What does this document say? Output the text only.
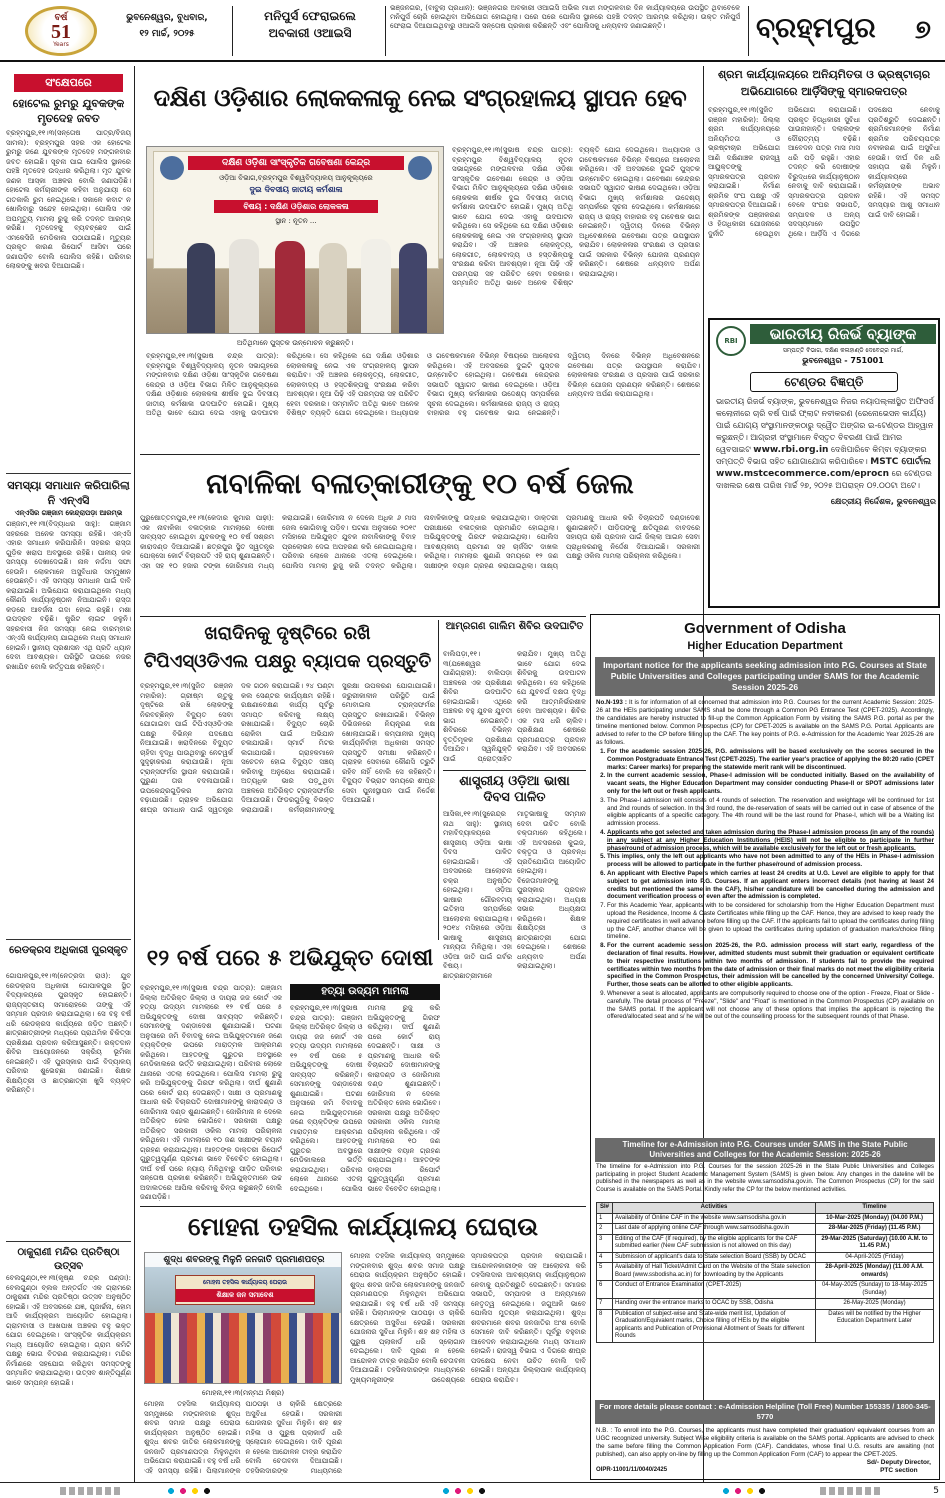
ବର୍ଷ
51
Years
ଭୁବନେଶ୍ୱର, ବୁଧବାର,
୧୨ ମାର୍ଚ୍ଚ, ୨୦୨୫
ମନିପୁର୍ସ ଫେରାଇଲେ
ଅବକାରୀ ଓଆଇସି
ଭଞ୍ଜନଗର, (ବାବୁଲା ପ୍ରଧାନ): ଭଞ୍ଜନଗର ଅବକାରୀ ଓଆଇସି ଅଭିଲ ମାଝୀ ମଙ୍ଗଳବାର ଦିନ କାର୍ଯ୍ୟାଳୟରେ ଉପସ୍ଥିତ ଥିବାବେଳେ ମନିପୁର୍ସ ଚୋରି ହୋଇଥିବା ଅଭିଯୋଗ ହୋଇଥିଲା। ପରେ ପରେ ପୋଲିସ ସ୍ଥାନରେ ପହଞ୍ଚି ତଦନ୍ତ ଆରମ୍ଭ କରିଥିଲା। ଉକ୍ତ ମନିପୁର୍ସ ଫେରାଇ ଦିଆଯାଇଥିବାରୁ ଓଆଇସି ସନ୍ତୋଷ ପ୍ରକାଶ କରିଛନ୍ତି ଏବଂ ପୋଲିସକୁ ଧନ୍ୟବାଦ ଜଣାଇଛନ୍ତି।	ବ୍ରହ୍ମପୁର	୭
ସଂକ୍ଷେପରେ
ହୋଟେଲ ରୁମରୁ ଯୁବକଙ୍କ ମୃତଦେହ ଜବତ
ବ୍ରହ୍ମପୁର,୧୧।୩(ସନ୍ତୋଷ ପାତ୍ର/ବିଜୟ ସାମଲ): ବ୍ରହ୍ମପୁର ସହର ଏକ ହୋଟେଲ ରୁମରୁ ଜଣେ ଯୁବକଙ୍କ ମୃତଦେହ ମଙ୍ଗଳବାର ଜବତ ହୋଇଛି। ସୂଚନା ପାଇ ପୋଲିସ ସ୍ଥାନରେ ପହଞ୍ଚି ମୃତଦେହ ଉଦ୍ଧାର କରିଥିଲା। ମୃତ ଯୁବକ ଜଣକ ଆସ୍କା ଅଞ୍ଚଳର ବୋଲି ଜଣାପଡ଼ିଛି। ହୋଟେଲ କର୍ମଚାରୀଙ୍କ କହିବା ଅନୁଯାୟୀ ସେ ଗତକାଲି ରୁମ ନେଇଥିଲେ। ସକାଳେ କବାଟ ନ ଖୋଲିବାରୁ ସନ୍ଦେହ ହୋଇଥିଲା। ପୋଲିସ ଏକ ଅପମୃତ୍ୟୁ ମାମଲା ରୁଜୁ କରି ତଦନ୍ତ ଆରମ୍ଭ କରିଛି। ମୃତଦେହକୁ ବ୍ୟବଚ୍ଛେଦ ପାଇଁ ଏମକେସିଜି ମେଡିକାଲ ପଠାଯାଇଛି। ମୃତ୍ୟୁର ପ୍ରକୃତ କାରଣ ରିପୋର୍ଟ ଆସିବା ପରେ ଜଣାପଡ଼ିବ ବୋଲି ପୋଲିସ କହିଛି। ପରିବାର ଲୋକଙ୍କୁ ଖବର ଦିଆଯାଇଛି।
ସମସ୍ୟା ସମାଧାନ କରିପାରିଲା ନି ଏନ୍ଏସି
ଏନ୍ଏସିର ଗଞ୍ଜାମ କେନ୍ଦ୍ରାପଡ଼ା ଆରମ୍ଭ
ଗଞ୍ଜାମ,୧୧।୩(ବିଦ୍ୟାଧର ସାହୁ): ଗଞ୍ଜାମ ସହରରେ ଅନେକ ସମସ୍ୟା ରହିଛି। ଏନ୍ଏସି ଏହାର ସମାଧାନ କରିପାରିନି। ସହରର ରାସ୍ତା ଗୁଡ଼ିକ ଖରାପ ଅବସ୍ଥାରେ ରହିଛି। ପାନୀୟ ଜଳ ସମସ୍ୟା ଦେଖାଦେଇଛି। ନାଳ ନର୍ଦ୍ଦମା ସଫା ହେଉନି। ଲୋକମାନେ ଅସୁବିଧାର ସମ୍ମୁଖୀନ ହେଉଛନ୍ତି। ଏହି ସମସ୍ୟା ସମାଧାନ ପାଇଁ ଦାବି କରାଯାଇଛି। ଅଭିଯୋଗ କରାଯାଇଥିଲେ ମଧ୍ୟ କୌଣସି କାର୍ଯ୍ୟାନୁଷ୍ଠାନ ନିଆଯାଇନି। ରାସ୍ତା କଡ଼ରେ ଆବର୍ଜନା ଗଦା ହୋଇ ରହୁଛି। ମଶା ଉପଦ୍ରବ ବଢ଼ିଛି। ଷ୍ଟ୍ରିଟ ଲାଇଟ ଜଳୁନି। ସହରବାସୀ ନିଜ ସମସ୍ୟା ନେଇ ବାରମ୍ବାର ଏନ୍ଏସି କାର୍ଯ୍ୟାଳୟ ଯାଇଥିଲେ ମଧ୍ୟ ସମାଧାନ ହୋଇନି। ସ୍ଥାନୀୟ ପ୍ରଶାସନ ଏଥି ପ୍ରତି ଧ୍ୟାନ ଦେବା ଆବଶ୍ୟକ। ପରିସ୍ଥିତି ଉପରେ ନଜର ରଖାଯିବ ବୋଲି କର୍ତ୍ତୃପକ୍ଷ କହିଛନ୍ତି।
ରେଡକ୍ରସ ଅଧିକାରୀ ପୁରସ୍କୃତ
ଗୋପାଳପୁର,୧୧।୩(ନେତ୍ରଦା ରାଓ): ଯୁବ ରେଡକ୍ରସ ଅଧିକାରୀ ଗୋପାଳପୁର ସ୍ଥିତ ବିଦ୍ୟାଳୟରେ ପୁରସ୍କୃତ ହୋଇଛନ୍ତି। ରାଜ୍ୟସ୍ତରୀୟ ସମାରୋହରେ ତାଙ୍କୁ ଏହି ସମ୍ମାନ ପ୍ରଦାନ କରାଯାଇଥିଲା। ସେ ବହୁ ବର୍ଷ ଧରି ରେଡକ୍ରସ କାର୍ଯ୍ୟରେ ଜଡ଼ିତ ଅଛନ୍ତି। ଛାତ୍ରଛାତ୍ରୀଙ୍କ ମଧ୍ୟରେ ପ୍ରାଥମିକ ଚିକିତ୍ସା ପ୍ରଶିକ୍ଷଣ ପ୍ରଦାନ କରିଆସୁଛନ୍ତି। ରକ୍ତଦାନ ଶିବିର ଆୟୋଜନରେ ସକ୍ରିୟ ଭୂମିକା ନେଇଛନ୍ତି। ଏହି ପୁରସ୍କାର ପାଇଁ ବିଦ୍ୟାଳୟ ପରିବାର ଶୁଭେଚ୍ଛା ଜଣାଇଛି। ଶିକ୍ଷକ ଶିକ୍ଷୟିତ୍ରୀ ଓ ଛାତ୍ରଛାତ୍ରୀ ଖୁସି ବ୍ୟକ୍ତ କରିଛନ୍ତି।
ଠାକୁରାଣୀ ମନ୍ଦିର ପ୍ରତିଷ୍ଠା ଉତ୍ସବ
ବେଲଗୁଣ୍ଠା,୧୧।୩(କୃଷ୍ଣ ଚନ୍ଦ୍ର ପଣ୍ଡା): ବେଲଗୁଣ୍ଠା ବ୍ଲକ ଅନ୍ତର୍ଗତ ଏକ ଗ୍ରାମରେ ଠାକୁରାଣୀ ମନ୍ଦିର ପ୍ରତିଷ୍ଠା ଉତ୍ସବ ଅନୁଷ୍ଠିତ ହୋଇଛି। ଏହି ଅବସରରେ ଯଜ୍ଞ, ପୂଜାର୍ଚ୍ଚନା, ହୋମ ଆଦି କାର୍ଯ୍ୟକ୍ରମ ଆୟୋଜିତ ହୋଇଥିଲା। ଗ୍ରାମବାସୀ ଓ ଆଖପାଖ ଅଞ୍ଚଳର ବହୁ ଭକ୍ତ ଯୋଗ ଦେଇଥିଲେ। ସାଂସ୍କୃତିକ କାର୍ଯ୍ୟକ୍ରମ ମଧ୍ୟ ଆୟୋଜିତ ହୋଇଥିଲା। ଗ୍ରାମ କମିଟି ପକ୍ଷରୁ ଭୋଗ ବିତରଣ କରାଯାଇଥିଲା। ମନ୍ଦିର ନିର୍ମାଣରେ ସହଯୋଗ କରିଥିବା ସମସ୍ତଙ୍କୁ ସମ୍ମାନିତ କରାଯାଇଥିଲା। ଉତ୍ସବ ଶାନ୍ତିପୂର୍ଣ୍ଣ ଭାବେ ସମ୍ପନ୍ନ ହୋଇଛି।
ଦକ୍ଷିଣ ଓଡ଼ିଶାର ଲୋକକଳାକୁ ନେଇ ସଂଗ୍ରହାଳୟ ସ୍ଥାପନ ହେବ
ଦକ୍ଷିଣ ଓଡ଼ିଶା ସାଂସ୍କୃତିକ ଗବେଷଣା କେନ୍ଦ୍ର
ଓଡ଼ିଆ ବିଭାଗ,ବ୍ରହ୍ମପୁର ବିଶ୍ୱବିଦ୍ୟାଳୟ ଆନୁକୂଲ୍ୟରେ
ଦୁଇ ଦିବସୀୟ ଜାତୀୟ କର୍ମଶାଳା
ବିଷୟ : ଦକ୍ଷିଣ ଓଡ଼ିଶାର ଲୋକକଳା
ସ୍ଥାନ : ନୂତନ ...
ଅତିଥିମାନେ ପୁସ୍ତକ ଉନ୍ମୋଚନ କରୁଛନ୍ତି।
ବ୍ରହ୍ମପୁର,୧୧।୩(ସୁଭାଷ ଚନ୍ଦ୍ର ପାତ୍ର): ବ୍ରହ୍ମପୁର ବିଶ୍ୱବିଦ୍ୟାଳୟ ନୂତନ ସଭାଗୃହରେ ମଙ୍ଗଳବାର ଦକ୍ଷିଣ ଓଡ଼ିଶା ସାଂସ୍କୃତିକ ଗବେଷଣା କେନ୍ଦ୍ର ଓ ଓଡ଼ିଆ ବିଭାଗ ମିଳିତ ଆନୁକୂଲ୍ୟରେ ଦକ୍ଷିଣ ଓଡ଼ିଶାର ଲୋକକଳା ଶୀର୍ଷକ ଦୁଇ ଦିବସୀୟ ଜାତୀୟ କର୍ମଶାଳା ଉଦଘାଟିତ ହୋଇଛି। ମୁଖ୍ୟ ଅତିଥି ଭାବେ ଯୋଗ ଦେଇ ଏହାକୁ ଉଦଘାଟନ କରିଥିଲେ। ସେ କହିଥିଲେ ଯେ ଦକ୍ଷିଣ ଓଡ଼ିଶାର ଲୋକକଳାକୁ ନେଇ ଏକ ସଂଗ୍ରହାଳୟ ସ୍ଥାପନ କରାଯିବ। ଏହି ଅଞ୍ଚଳର ଲୋକନୃତ୍ୟ, ଲୋକଗୀତ, ଲୋକବାଦ୍ୟ ଓ ହସ୍ତଶିଳ୍ପକୁ ସଂରକ୍ଷଣ କରିବା ଆବଶ୍ୟକ। ନୂଆ ପିଢ଼ି ଏହି ପରମ୍ପରା ସହ ପରିଚିତ ହେବା ଦରକାର। ସମ୍ମାନିତ ଅତିଥି ଭାବେ ଅନେକ ବିଶିଷ୍ଟ ବ୍ୟକ୍ତି ଯୋଗ ଦେଇଥିଲେ। ଅଧ୍ୟାପକ ଓ ଗବେଷକମାନେ ବିଭିନ୍ନ ବିଷୟରେ ଆଲୋଚନା କରିଥିଲେ। ଏହି ଅବସରରେ ଦୁଇଟି ପୁସ୍ତକ ଉନ୍ମୋଚିତ ହୋଇଥିଲା। ଗବେଷଣା କେନ୍ଦ୍ରର ସଭାପତି ସ୍ୱାଗତ ଭାଷଣ ଦେଇଥିଲେ। ଓଡ଼ିଆ ବିଭାଗ ମୁଖ୍ୟ କର୍ମଶାଳାର ଉଦ୍ଦେଶ୍ୟ ସମ୍ପର୍କରେ ସୂଚନା ଦେଇଥିଲେ। କର୍ମଶାଳାରେ ରାଜ୍ୟ ଓ ରାଜ୍ୟ ବାହାରର ବହୁ ଗବେଷକ ଭାଗ ନେଇଛନ୍ତି। ଦ୍ୱିତୀୟ ଦିନରେ ବିଭିନ୍ନ ଅଧିବେଶନରେ ଗବେଷଣା ପତ୍ର ଉପସ୍ଥାପନ କରାଯିବ। ଲୋକକଳାର ସଂରକ୍ଷଣ ଓ ପ୍ରସାର ପାଇଁ ସରକାର ବିଭିନ୍ନ ଯୋଜନା ପ୍ରଣୟନ କରିଛନ୍ତି। ଶେଷରେ ଧନ୍ୟବାଦ ଅର୍ପଣ କରାଯାଇଥିଲା।
ବ୍ରହ୍ମପୁର,୧୧।୩(ସୁଭାଷ ଚନ୍ଦ୍ର ପାତ୍ର): ବ୍ରହ୍ମପୁର ବିଶ୍ୱବିଦ୍ୟାଳୟ ନୂତନ ସଭାଗୃହରେ ମଙ୍ଗଳବାର ଦକ୍ଷିଣ ଓଡ଼ିଶା ସାଂସ୍କୃତିକ ଗବେଷଣା କେନ୍ଦ୍ର ଓ ଓଡ଼ିଆ ବିଭାଗ ମିଳିତ ଆନୁକୂଲ୍ୟରେ ଦକ୍ଷିଣ ଓଡ଼ିଶାର ଲୋକକଳା ଶୀର୍ଷକ ଦୁଇ ଦିବସୀୟ ଜାତୀୟ କର୍ମଶାଳା ଉଦଘାଟିତ ହୋଇଛି। ମୁଖ୍ୟ ଅତିଥି ଭାବେ ଯୋଗ ଦେଇ ଏହାକୁ ଉଦଘାଟନ କରିଥିଲେ। ସେ କହିଥିଲେ ଯେ ଦକ୍ଷିଣ ଓଡ଼ିଶାର ଲୋକକଳାକୁ ନେଇ ଏକ ସଂଗ୍ରହାଳୟ ସ୍ଥାପନ କରାଯିବ। ଏହି ଅଞ୍ଚଳର ଲୋକନୃତ୍ୟ, ଲୋକଗୀତ, ଲୋକବାଦ୍ୟ ଓ ହସ୍ତଶିଳ୍ପକୁ ସଂରକ୍ଷଣ କରିବା ଆବଶ୍ୟକ। ନୂଆ ପିଢ଼ି ଏହି ପରମ୍ପରା ସହ ପରିଚିତ ହେବା ଦରକାର। ସମ୍ମାନିତ ଅତିଥି ଭାବେ ଅନେକ ବିଶିଷ୍ଟ ବ୍ୟକ୍ତି ଯୋଗ ଦେଇଥିଲେ। ଅଧ୍ୟାପକ ଓ ଗବେଷକମାନେ ବିଭିନ୍ନ ବିଷୟରେ ଆଲୋଚନା କରିଥିଲେ। ଏହି ଅବସରରେ ଦୁଇଟି ପୁସ୍ତକ ଉନ୍ମୋଚିତ ହୋଇଥିଲା। ଗବେଷଣା କେନ୍ଦ୍ରର ସଭାପତି ସ୍ୱାଗତ ଭାଷଣ ଦେଇଥିଲେ। ଓଡ଼ିଆ ବିଭାଗ ମୁଖ୍ୟ କର୍ମଶାଳାର ଉଦ୍ଦେଶ୍ୟ ସମ୍ପର୍କରେ ସୂଚନା ଦେଇଥିଲେ। କର୍ମଶାଳାରେ ରାଜ୍ୟ ଓ ରାଜ୍ୟ ବାହାରର ବହୁ ଗବେଷକ ଭାଗ ନେଇଛନ୍ତି। ଦ୍ୱିତୀୟ ଦିନରେ ବିଭିନ୍ନ ଅଧିବେଶନରେ ଗବେଷଣା ପତ୍ର ଉପସ୍ଥାପନ କରାଯିବ। ଲୋକକଳାର ସଂରକ୍ଷଣ ଓ ପ୍ରସାର ପାଇଁ ସରକାର ବିଭିନ୍ନ ଯୋଜନା ପ୍ରଣୟନ କରିଛନ୍ତି। ଶେଷରେ ଧନ୍ୟବାଦ ଅର୍ପଣ କରାଯାଇଥିଲା।
ଶ୍ରମ କାର୍ଯ୍ୟାଳୟରେ ଅନିୟମିତତା ଓ ଭ୍ରଷ୍ଟାଚାର ଅଭିଯୋଗରେ ଆର୍ଡ଼ିସିଙ୍କୁ ସ୍ମାରକପତ୍ର
ବ୍ରହ୍ମପୁର,୧୧।୩(ସୁଜିତ ରଞ୍ଜନ ମହାରିକ): ଜିଲ୍ଲା ଶ୍ରମ କାର୍ଯ୍ୟାଳୟରେ ଅନିୟମିତତା ଓ ଭ୍ରଷ୍ଟାଚାର ଅଭିଯୋଗ ଆଣି ଦକ୍ଷିଣାଞ୍ଚଳ ରାଜସ୍ୱ ଆୟୁକ୍ତଙ୍କୁ ସ୍ମାରକପତ୍ର ପ୍ରଦାନ କରାଯାଇଛି। ନିର୍ମାଣ ଶ୍ରମିକ ସଂଘ ପକ୍ଷରୁ ଏହି ସ୍ମାରକପତ୍ର ଦିଆଯାଇଛି। ଶ୍ରମିକଙ୍କ ପଞ୍ଜୀକରଣ ଓ ହିତାଧିକାରୀ ଯୋଜନାରେ ଦୁର୍ନୀତି ହେଉଥିବା ଅଭିଯୋଗ କରାଯାଇଛି। ପ୍ରକୃତ ହିତାଧିକାରୀ ସୁବିଧା ପାଉନାହାନ୍ତି। ଦଲାଲଙ୍କ ଦୌରାତ୍ମ୍ୟ ବଢ଼ିଛି। ଆବେଦନ ପତ୍ର ମାସ ମାସ ଧରି ପଡ଼ି ରହୁଛି। ଏହାର ତଦନ୍ତ କରି ଦୋଷୀଙ୍କ ବିରୁଦ୍ଧରେ କାର୍ଯ୍ୟାନୁଷ୍ଠାନ ନେବାକୁ ଦାବି କରାଯାଇଛି। ସ୍ମାରକପତ୍ର ପ୍ରଦାନ ବେଳେ ସଂଘର ସଭାପତି, ସମ୍ପାଦକ ଓ ଅନ୍ୟ ସଦସ୍ୟମାନେ ଉପସ୍ଥିତ ଥିଲେ। ଆର୍ଡ଼ିସି ଏ ଦିଗରେ ପଦକ୍ଷେପ ନେବାକୁ ପ୍ରତିଶ୍ରୁତି ଦେଇଛନ୍ତି। ଶ୍ରମିକମାନଙ୍କ ନିର୍ମାଣ ଶ୍ରମିକ ପରିଚୟପତ୍ର ନବୀକରଣ ପାଇଁ ଅସୁବିଧା ହେଉଛି। ଦୀର୍ଘ ଦିନ ଧରି ସହାୟତା ରାଶି ମିଳୁନି। କାର୍ଯ୍ୟାଳୟରେ କର୍ମଚାରୀଙ୍କ ଅଭାବ ରହିଛି। ଏହି ସମସ୍ତ ସମସ୍ୟାର ଆଶୁ ସମାଧାନ ପାଇଁ ଦାବି ହୋଇଛି।
RBI	ଭାରତୀୟ ରିଜର୍ଭ ବ୍ୟାଙ୍କ
ସମ୍ପତ୍ତି ବିଭାଗ, ଦକ୍ଷିଣ କଳାହାଣ୍ଡି ଦେବେନ୍ଦ୍ର ମାର୍ଗ,
ଭୁବନେଶ୍ୱର - 751001
ଟେଣ୍ଡର ବିଜ୍ଞପ୍ତି
ଭାରତୀୟ ରିଜର୍ଭ ବ୍ୟାଙ୍କ, ଭୁବନେଶ୍ୱର ନିଜର ନୟାପଲ୍ଲୀସ୍ଥିତ ଅଫିସର୍ସ କଲୋନୀରେ ଚାରି ବର୍ଷ ପାଇଁ ଫ୍ଲାଟ ନବୀକରଣ (ରେନୋଭେସନ କାର୍ଯ୍ୟ) ପାଇଁ ଯୋଗ୍ୟ ସଂସ୍ଥାମାନଙ୍କଠାରୁ ଦ୍ୱୈତ ଅଙ୍ଗର ଇ-ଟେଣ୍ଡର ଆହ୍ୱାନ କରୁଛନ୍ତି। ଆଗ୍ରହୀ ସଂସ୍ଥାମାନେ ବିସ୍ତୃତ ବିବରଣୀ ପାଇଁ ଆମର ୱେବସାଇଟ www.rbi.org.in ଦେଖିପାରିବେ କିମ୍ବା ବ୍ୟାଙ୍କର ସମ୍ପତ୍ତି ବିଭାଗ ସହିତ ଯୋଗାଯୋଗ କରିପାରିବେ। MSTC ପୋର୍ଟାଲ www.mstcecommerce.com/eprocn ରେ ଟେଣ୍ଡର ଦାଖଲର ଶେଷ ତାରିଖ ମାର୍ଚ୍ଚ ୨୭, ୨୦୨୫ ଅପରାହ୍ନ ୦୨.୦୦ଟା ଅଟେ।
କ୍ଷେତ୍ରୀୟ ନିର୍ଦ୍ଦେଶକ, ଭୁବନେଶ୍ୱର
Government of Odisha
Higher Education Department
Important notice for the applicants seeking admission into P.G. Courses at State Public Universities and Colleges participating under SAMS for the Academic Session 2025-26
No.N-193 : It is for information of all concerned that admission into P.G. Courses for the current Academic Session: 2025-26 at the HEIs participating under SAMS shall be done through a Common PG Entrance Test (CPET-2025). Accordingly, the candidates are hereby instructed to fill-up the Common Application Form by visiting the SAMS P.G. portal as per the timeline mentioned below. Common Prospectus (CP) for CPET-2025 is available on the SAMS P.G. Portal. Applicants are advised to refer to the CP before filling up the CAF. The key points of P.G. e-Admission for the Academic Year 2025-26 are as follows.
1. For the academic session 2025-26, P.G. admissions will be based exclusively on the scores secured in the Common Postgraduate Entrance Test (CPET-2025). The earlier year's practice of applying the 80:20 ratio (CPET marks: Career marks) for preparing the statewide merit rank will be discontinued.
2. In the current academic session, Phase-I admission will be conducted initially. Based on the availability of vacant seats, the Higher Education Department may consider conducting Phase-II or SPOT admissions later only for the left out or fresh applicants.
3. The Phase-I admission will consists of 4 rounds of selection. The reservation and weightage will be continued for 1st and 2nd rounds of selection. In the 3rd round, the de-reservation of seats will be carried out in case of absence of the eligible applicants of a specific category. The 4th round will be the last round for Phase-I, which will be a Waiting list admission process.
4. Applicants who got selected and taken admission during the Phase-I admission process (in any of the rounds) in any subject at any Higher Education Institutions (HEIS) will not be eligible to participate in further phase/round of admission process, which will be available exclusively for the left out or fresh applicants.
5. This implies, only the left out applicants who have not been admitted to any of the HEIs in Phase-I admission process will be allowed to participate in the further phase/round of admission process.
6. An applicant with Elective Papers which carries at least 24 credits at U.G. Level are eligible to apply for that subject to get admission into P.G. Courses. If an applicant enters incorrect details (not having at least 24 credits but mentioned the same in the CAF), his/her candidature will be cancelled during the admission and document verification process or even after the admission is completed.
7. For this Academic Year, applicants with to be considered for scholarship from the Higher Education Department must upload the Residence, Income & Caste Certificates while filling up the CAF. Hence, they are advised to keep ready the required certificates in well advance before filling up the CAF. If the applicants fail to upload the certificates during filling up the CAF, another chance will be given to upload the certificates during updation of graduation marks/choice filling timeline.
8. For the current academic session 2025-26, the P.G. admission process will start early, regardless of the declaration of final results. However, admitted students must submit their graduation or equivalent certificate to their respective institutions within two months of admission. If students fail to provide the required certificates within two months from the date of admission or their final marks do not meet the eligibility criteria specified in the Common Prospectus, their admission will be cancelled by the concerned University/ College. Further, those seats can be allotted to other eligible applicants.
9. Whenever a seat is allocated, applicants are compulsorily required to choose one of the option - Freeze, Float or Slide - carefully. The detail process of "Freeze", "Slide" and "Float" is mentioned in the Common Prospectus (CP) available on the SAMS portal. If the applicant will not choose any of these options that implies the applicant is rejecting the offered/allocated seat and s/ he will be out of the counselling process for the subsequent rounds of that Phase.
Timeline for e-Admission into P.G. Courses under SAMS in the State Public Universities and Colleges for the Academic Session: 2025-26
The timeline for e-Admission into P.G. Courses for the session 2025-26 in the State Public Universities and Colleges participating in project Student Academic Management System (SAMS) is given below. Any changes in the dateline will be published in the newspapers as well as in the website www.samsodisha.gov.in. The Common Prospectus (CP) for the said Course is available on the SAMS Portal. Kindly refer the CP for the below mentioned activities.
Sl#	Activities	Timeline
1	Availability of Online CAF in the website www.samsodisha.gov.in	10-Mar-2025 (Monday) (04.00 P.M.)
2	Last date of applying online CAF through www.samsodisha.gov.in	28-Mar-2025 (Friday) (11.45 P.M.)
3	Editing of the CAF (If required), by the eligible applicants for the CAF submitted earlier (New CAF submission is not allowed on this day)	29-Mar-2025 (Saturday) (10.00 A.M. to 11.45 P.M.)
4	Submission of applicant's data to State selection Board (SSB) by OCAC	04-April-2025 (Friday)
5	Availability of Hall Ticket/Admit Card on the Website of the State selection Board (www.ssbodisha.ac.in) for downloading by the Applicants	28-April-2025 (Monday) (11.00 A.M. onwards)
6	Conduct of Entrance Examination (CPET-2025)	04-May-2025 (Sunday) to 18-May-2025 (Sunday)
7	Handing over the entrance marks to OCAC by SSB, Odisha	26-May-2025 (Monday)
8	Publication of subject-wise and State-wide merit list, Updation of Graduation/Equivalent marks, Choice filling of HEIs by the eligible applicants and Publication of Provisional Allotment of Seats for different Rounds	Dates will be notified by the Higher Education Department Later
For more details please contact : e-Admission Helpline (Toll Free) Number 155335 / 1800-345-5770
N.B. : To enroll into the P.G. Courses, the applicants must have completed their graduation/ equivalent courses from an UGC recognized university. Subject Wise eligibility criteria is available on the SAMS portal. Applicants are advised to check the same before filling the Common Application Form (CAF). Candidates, whose final U.G. results are awaiting (not published), can also apply on-line by filling up the Common Application Form (CAF) to appear the CPET-2025.
OIPR-11001/11/0040/2425
Sd/- Deputy Director,
PTC section
ନାବାଳିକା ବଳାତ୍କାରୀଙ୍କୁ ୧୦ ବର୍ଷ ଜେଲ
ପୁରୁଷୋତ୍ତମପୁର,୧୧।୩(କେଦାର କୁମାର ପାଢ଼ୀ): ଏକ ନାବାଳିକା ବଳାତ୍କାର ମାମଲାରେ ଦୋଷୀ ସାବ୍ୟସ୍ତ ହୋଇଥିବା ଯୁବକଙ୍କୁ ୧୦ ବର୍ଷ ସଶ୍ରମ କାରାଦଣ୍ଡ ଦିଆଯାଇଛି। ଛତ୍ରପୁର ସ୍ଥିତ ସ୍ୱତନ୍ତ୍ର ପୋକ୍ସୋ କୋର୍ଟ ବିଚାରପତି ଏହି ରାୟ ଶୁଣାଇଛନ୍ତି। ଏହା ସହ ୧୦ ହଜାର ଟଙ୍କା ଜୋରିମାନା ମଧ୍ୟ କରାଯାଇଛି। ଜୋରିମାନା ନ ଦେଲେ ଅଧିକ ୬ ମାସ ଜେଲ ଭୋଗିବାକୁ ପଡ଼ିବ। ଘଟଣା ଅନୁସାରେ ୨୦୧୯ ମସିହାରେ ଅଭିଯୁକ୍ତ ଯୁବକ ନାବାଳିକାଙ୍କୁ ବିବାହ ପ୍ରଲୋଭନ ଦେଇ ଅପହରଣ କରି ନେଇଯାଇଥିଲା। ପରିବାର ଲୋକେ ଥାନାରେ ଏତଲା ଦେଇଥିଲେ। ପୋଲିସ ମାମଲା ରୁଜୁ କରି ତଦନ୍ତ କରିଥିଲା। ନାବାଳିକାଙ୍କୁ ଉଦ୍ଧାର କରାଯାଇଥିଲା। ଡାକ୍ତରୀ ପରୀକ୍ଷାରେ ବଳାତ୍କାର ପ୍ରମାଣିତ ହୋଇଥିଲା। ଅଭିଯୁକ୍ତଙ୍କୁ ଗିରଫ କରାଯାଇଥିଲା। ପୋଲିସ ଆବଶ୍ୟକୀୟ ପ୍ରମାଣ ସହ ଚାର୍ଜସିଟ ଦାଖଲ କରିଥିଲା। ମାମଲାର ଶୁଣାଣି ସମୟରେ ୧୨ ଜଣ ସାକ୍ଷୀଙ୍କ ବୟାନ ଗ୍ରହଣ କରାଯାଇଥିଲା। ସାକ୍ଷ୍ୟ ପ୍ରମାଣକୁ ଆଧାର କରି ବିଚାରପତି ଦଣ୍ଡାଦେଶ ଶୁଣାଇଛନ୍ତି। ପୀଡ଼ିତାଙ୍କୁ କ୍ଷତିପୂରଣ ବାବଦରେ ସହାୟତା ରାଶି ପ୍ରଦାନ ପାଇଁ ଜିଲ୍ଲା ଆଇନ ସେବା ପ୍ରାଧିକରଣକୁ ନିର୍ଦ୍ଦେଶ ଦିଆଯାଇଛି। ସରକାରୀ ପକ୍ଷରୁ ଓକିଲ ମାମଲା ପରିଚାଳନା କରିଥିଲେ।
ଖରାଦିନକୁ ଦୃଷ୍ଟିରେ ରଖି
ଟିପିଏସ୍ଓଡିଏଲ ପକ୍ଷରୁ ବ୍ୟାପକ ପ୍ରସ୍ତୁତି
ବ୍ରହ୍ମପୁର,୧୧।୩(ସୁଜିତ ରଞ୍ଜନ ମହାରିକ): ଗ୍ରୀଷ୍ମ ଋତୁକୁ ଦୃଷ୍ଟିରେ ରଖି ଲୋକଙ୍କୁ ନିରବଚ୍ଛିନ୍ନ ବିଦ୍ୟୁତ ସେବା ଯୋଗାଇବା ପାଇଁ ଟିପିଏସ୍ଓଡିଏଲ ପକ୍ଷରୁ ବିଭିନ୍ନ ପଦକ୍ଷେପ ନିଆଯାଇଛି। ଖରାଦିନରେ ବିଦ୍ୟୁତ ଚାହିଦା ବୃଦ୍ଧି ପାଉଥିବାରୁ ନେଟୱର୍କ ସୁଦୃଢ଼ୀକରଣ କରାଯାଉଛି। ନୂଆ ଟ୍ରାନ୍ସଫର୍ମର ସ୍ଥାପନ କରାଯାଉଛି। ପୁରୁଣା ତାର ବଦଳାଯାଉଛି। ଉପକେନ୍ଦ୍ରଗୁଡ଼ିକର କ୍ଷମତା ବଢ଼ାଯାଉଛି। ଗ୍ରାହକ ଅଭିଯୋଗ ଶୀଘ୍ର ସମାଧାନ ପାଇଁ ସ୍ୱତନ୍ତ୍ର ଦଳ ଗଠନ କରାଯାଇଛି। ୨୪ ଘଣ୍ଟା କଲ ସେଣ୍ଟର କାର୍ଯ୍ୟକ୍ଷମ ରହିଛି। ରକ୍ଷଣାବେକ୍ଷଣ କାର୍ଯ୍ୟ ପୂର୍ବରୁ ସମାପ୍ତ କରିବାକୁ ଲକ୍ଷ୍ୟ ରଖାଯାଇଛି। ବିଦ୍ୟୁତ ଚୋରି ରୋକିବା ପାଇଁ ଅଭିଯାନ ଚଳାଯାଉଛି। ସ୍ମାର୍ଟ ମିଟର ଲଗାଯାଉଛି। ଗ୍ରାହକମାନେ ସଚେତନ ହୋଇ ବିଦ୍ୟୁତ ସଞ୍ଚୟ କରିବାକୁ ଅନୁରୋଧ କରାଯାଇଛି। ଅତ୍ୟଧିକ ଭାର ପଡ଼ୁଥିବା ଅଞ୍ଚଳରେ ଅତିରିକ୍ତ ଟ୍ରାନ୍ସଫର୍ମର ଦିଆଯାଉଛି। ଫିଡରଗୁଡ଼ିକୁ ବିଭକ୍ତ କରାଯାଉଛି। କର୍ମଚାରୀମାନଙ୍କୁ ସୁରକ୍ଷା ଉପକରଣ ଯୋଗାଯାଇଛି। ଜରୁରୀକାଳୀନ ପରିସ୍ଥିତି ପାଇଁ ମୋବାଇଲ ଟ୍ରାନ୍ସଫର୍ମର ପ୍ରସ୍ତୁତ ରଖାଯାଇଛି। ବିଭିନ୍ନ ଡିଭିଜନରେ ନିୟନ୍ତ୍ରଣ କକ୍ଷ ଖୋଲାଯାଇଛି। କମ୍ପାନୀର ମୁଖ୍ୟ କାର୍ଯ୍ୟନିର୍ବାହୀ ଅଧିକାରୀ ସମସ୍ତ ପ୍ରସ୍ତୁତି ସମୀକ୍ଷା କରିଛନ୍ତି। ଗ୍ରାହକ ସେବାରେ କୌଣସି ତ୍ରୁଟି ରହିବ ନାହିଁ ବୋଲି ସେ କହିଛନ୍ତି। ବିଦ୍ୟୁତ ବିଭ୍ରାଟ ସମୟରେ ଶୀଘ୍ର ସେବା ପୁନଃସ୍ଥାପନ ପାଇଁ ନିର୍ଦ୍ଦେଶ ଦିଆଯାଇଛି।
ଆମ୍ରଗଣ ଗାଲିମ ଶିବିର ଉଦଘାଟିତ
ବାଲିପଡ଼ା,୧୧।୩(ଯଜ୍ଞେଶ୍ୱର ପାଣିଗ୍ରାହୀ): ବାଲିପଡ଼ା ଅଞ୍ଚଳରେ ଏକ ପ୍ରଶିକ୍ଷଣ ଶିବିର ଉଦଘାଟିତ ହୋଇଯାଇଛି। ଏଥିରେ ଅଞ୍ଚଳର ବହୁ ଯୁବକ ଯୁବତୀ ଭାଗ ନେଇଛନ୍ତି। ଶିବିରରେ ବିଭିନ୍ନ ବୃତ୍ତିମୂଳକ ପ୍ରଶିକ୍ଷଣ ଦିଆଯିବ। ସ୍ୱନିଯୁକ୍ତି ପାଇଁ ପ୍ରୋତ୍ସାହିତ କରାଯିବ। ମୁଖ୍ୟ ଅତିଥି ଭାବେ ଯୋଗ ଦେଇ ଶିବିରକୁ ଉଦଘାଟନ କରିଥିଲେ। ସେ କହିଥିଲେ ଯେ ଯୁବବର୍ଗ ଦକ୍ଷତା ବୃଦ୍ଧି କରି ଆତ୍ମନିର୍ଭରଶୀଳ ହେବା ଆବଶ୍ୟକ। ଶିବିର ଏକ ମାସ ଧରି ଚାଲିବ। ପ୍ରଶିକ୍ଷଣ ଶେଷରେ ପ୍ରମାଣପତ୍ର ପ୍ରଦାନ କରାଯିବ। ଏହି ଅବସରରେ
ଶାସ୍ତ୍ରୀୟ ଓଡ଼ିଆ ଭାଷା
ଦିବସ ପାଳିତ
ଆସିକା,୧୧।୩(ସୁରେନ୍ଦ୍ର ନାଥ ସାହୁ): ସ୍ଥାନୀୟ ମହାବିଦ୍ୟାଳୟରେ ଶାସ୍ତ୍ରୀୟ ଓଡ଼ିଆ ଭାଷା ଦିବସ ପାଳିତ ହୋଇଯାଇଛି। ଏହି ଅବସରରେ ଆଲୋଚନା ଚକ୍ର ଅନୁଷ୍ଠିତ ହୋଇଥିଲା। ଓଡ଼ିଆ ଭାଷାର ଗୌରବମୟ ଇତିହାସ ସମ୍ପର୍କରେ ଆଲୋଚନା କରାଯାଇଥିଲା। ୨୦୧୪ ମସିହାରେ ଓଡ଼ିଆ ଭାଷାକୁ ଶାସ୍ତ୍ରୀୟ ମାନ୍ୟତା ମିଳିଥିଲା। ଏହା ଓଡ଼ିଆ ଜାତି ପାଇଁ ଗର୍ବର ବିଷୟ। ଛାତ୍ରଛାତ୍ରୀମାନେ ମାତୃଭାଷାକୁ ସମ୍ମାନ ଦେବା ଉଚିତ ବୋଲି ବକ୍ତାମାନେ କହିଥିଲେ। ଏହି ଅବସରରେ କୁଇଜ, ବକ୍ତୃତା ଓ ପ୍ରବନ୍ଧ ପ୍ରତିଯୋଗିତା ଆୟୋଜିତ ହୋଇଥିଲା। ବିଜେତାମାନଙ୍କୁ ପୁରସ୍କାର ପ୍ରଦାନ କରାଯାଇଥିଲା। ଅଧ୍ୟକ୍ଷ ସଭାର ଅଧ୍ୟକ୍ଷତା କରିଥିଲେ। ଶିକ୍ଷକ ଶିକ୍ଷୟିତ୍ରୀ ଓ ଛାତ୍ରଛାତ୍ରୀ ଯୋଗ ଦେଇଥିଲେ। ଶେଷରେ ଧନ୍ୟବାଦ ଅର୍ପଣ କରାଯାଇଥିଲା।
୧୨ ବର୍ଷ ପରେ ୫ ଅଭିଯୁକ୍ତ ଦୋଷୀ
ବ୍ରହ୍ମପୁର,୧୧।୩(ସୁଭାଷ ଚନ୍ଦ୍ର ପାତ୍ର): ଗଞ୍ଜାମ ଜିଲ୍ଲା ଅତିରିକ୍ତ ଜିଲ୍ଲା ଓ ଦାୟରା ଜଜ କୋର୍ଟ ଏକ ହତ୍ୟା ଉଦ୍ୟମ ମାମଲାରେ ୧୨ ବର୍ଷ ପରେ ୫ ଅଭିଯୁକ୍ତଙ୍କୁ ଦୋଷୀ ସାବ୍ୟସ୍ତ କରିଛନ୍ତି। ସେମାନଙ୍କୁ ଦଣ୍ଡାଦେଶ ଶୁଣାଯାଇଛି। ଘଟଣା ଅନୁସାରେ ଜମି ବିବାଦକୁ ନେଇ ଅଭିଯୁକ୍ତମାନେ ଜଣେ ବ୍ୟକ୍ତିଙ୍କ ଉପରେ ମାରାତ୍ମକ ଆକ୍ରମଣ କରିଥିଲେ। ଆହତଙ୍କୁ ଗୁରୁତର ଅବସ୍ଥାରେ ମେଡିକାଲରେ ଭର୍ତ୍ତି କରାଯାଇଥିଲା। ପରିବାର ଲୋକେ ଥାନାରେ ଏତଲା ଦେଇଥିଲେ। ପୋଲିସ ମାମଲା ରୁଜୁ କରି ଅଭିଯୁକ୍ତଙ୍କୁ ଗିରଫ କରିଥିଲା। ଦୀର୍ଘ ଶୁଣାଣି ପରେ କୋର୍ଟ ରାୟ ଦେଇଛନ୍ତି। ସାକ୍ଷୀ ଓ ପ୍ରମାଣକୁ ଆଧାର କରି ବିଚାରପତି ଦୋଷୀମାନଙ୍କୁ କାରାଦଣ୍ଡ ଓ ଜୋରିମାନା ଦଣ୍ଡ ଶୁଣାଇଛନ୍ତି। ଜୋରିମାନା ନ ଦେଲେ ଅତିରିକ୍ତ ଜେଲ ଭୋଗିବେ। ସରକାରୀ ପକ୍ଷରୁ ଅତିରିକ୍ତ ସରକାରୀ ଓକିଲ ମାମଲା ପରିଚାଳନା କରିଥିଲେ। ଏହି ମାମଲାରେ ୧୦ ଜଣ ସାକ୍ଷୀଙ୍କ ବୟାନ ଗ୍ରହଣ କରାଯାଇଥିଲା। ଆହତଙ୍କ ଡାକ୍ତରୀ ରିପୋର୍ଟ ଗୁରୁତ୍ୱପୂର୍ଣ୍ଣ ପ୍ରମାଣ ଭାବେ ବିବେଚିତ ହୋଇଥିଲା। ଦୀର୍ଘ ବର୍ଷ ପରେ ନ୍ୟାୟ ମିଳିଥିବାରୁ ପୀଡ଼ିତ ପରିବାର ସନ୍ତୋଷ ପ୍ରକାଶ କରିଛନ୍ତି। ଅଭିଯୁକ୍ତମାନେ ଉଚ୍ଚ ଅଦାଲତରେ ଆପିଲ କରିବାକୁ ଚିନ୍ତା କରୁଛନ୍ତି ବୋଲି ଜଣାପଡ଼ିଛି।
ହତ୍ୟା ଉଦ୍ୟମ ମାମଲା
ବ୍ରହ୍ମପୁର,୧୧।୩(ସୁଭାଷ ଚନ୍ଦ୍ର ପାତ୍ର): ଗଞ୍ଜାମ ଜିଲ୍ଲା ଅତିରିକ୍ତ ଜିଲ୍ଲା ଓ ଦାୟରା ଜଜ କୋର୍ଟ ଏକ ହତ୍ୟା ଉଦ୍ୟମ ମାମଲାରେ ୧୨ ବର୍ଷ ପରେ ୫ ଅଭିଯୁକ୍ତଙ୍କୁ ଦୋଷୀ ସାବ୍ୟସ୍ତ କରିଛନ୍ତି। ସେମାନଙ୍କୁ ଦଣ୍ଡାଦେଶ ଶୁଣାଯାଇଛି। ଘଟଣା ଅନୁସାରେ ଜମି ବିବାଦକୁ ନେଇ ଅଭିଯୁକ୍ତମାନେ ଜଣେ ବ୍ୟକ୍ତିଙ୍କ ଉପରେ ମାରାତ୍ମକ ଆକ୍ରମଣ କରିଥିଲେ। ଆହତଙ୍କୁ ଗୁରୁତର ଅବସ୍ଥାରେ ମେଡିକାଲରେ ଭର୍ତ୍ତି କରାଯାଇଥିଲା। ପରିବାର ଲୋକେ ଥାନାରେ ଏତଲା ଦେଇଥିଲେ। ପୋଲିସ ମାମଲା ରୁଜୁ କରି ଅଭିଯୁକ୍ତଙ୍କୁ ଗିରଫ କରିଥିଲା। ଦୀର୍ଘ ଶୁଣାଣି ପରେ କୋର୍ଟ ରାୟ ଦେଇଛନ୍ତି। ସାକ୍ଷୀ ଓ ପ୍ରମାଣକୁ ଆଧାର କରି ବିଚାରପତି ଦୋଷୀମାନଙ୍କୁ କାରାଦଣ୍ଡ ଓ ଜୋରିମାନା ଦଣ୍ଡ ଶୁଣାଇଛନ୍ତି। ଜୋରିମାନା ନ ଦେଲେ ଅତିରିକ୍ତ ଜେଲ ଭୋଗିବେ। ସରକାରୀ ପକ୍ଷରୁ ଅତିରିକ୍ତ ସରକାରୀ ଓକିଲ ମାମଲା ପରିଚାଳନା କରିଥିଲେ। ଏହି ମାମଲାରେ ୧୦ ଜଣ ସାକ୍ଷୀଙ୍କ ବୟାନ ଗ୍ରହଣ କରାଯାଇଥିଲା। ଆହତଙ୍କ ଡାକ୍ତରୀ ରିପୋର୍ଟ ଗୁରୁତ୍ୱପୂର୍ଣ୍ଣ ପ୍ରମାଣ ଭାବେ ବିବେଚିତ ହୋଇଥିଲା।
ମୋହନା ତହସିଲ କାର୍ଯ୍ୟାଳୟ ଘେରାଉ
ଶୁଦ୍ଧ ଶବରଙ୍କୁ ମିଳୁନି ଜନଜାତି ପ୍ରମାଣପତ୍ର
ମୋହନା ତହସିଲ କାର୍ଯ୍ୟାଳୟ ଘେରାଉ
ଶିକ୍ଷାଳ ଜନ ସମାବେଶ
ମୋହନା,୧୧।୩(ମନ୍ମଥ ମିଶ୍ର)
ମୋହନା ତହସିଲ କାର୍ଯ୍ୟାଳୟ ସମ୍ମୁଖରେ ମଙ୍ଗଳବାର ଶୁଦ୍ଧ ଶବର ସମାଜ ପକ୍ଷରୁ ଘେରାଉ କାର୍ଯ୍ୟକ୍ରମ ଅନୁଷ୍ଠିତ ହୋଇଛି। ଶୁଦ୍ଧ ଶବର ଜାତିର ଲୋକମାନଙ୍କୁ ଜନଜାତି ପ୍ରମାଣପତ୍ର ମିଳୁନଥିବା ଅଭିଯୋଗ କରାଯାଇଛି। ବହୁ ବର୍ଷ ଧରି ଏହି ସମସ୍ୟା ରହିଛି। ପିଲାମାନଙ୍କ ପାଠପଢ଼ା ଓ ଚାକିରି କ୍ଷେତ୍ରରେ ଅସୁବିଧା ହେଉଛି। ସରକାରୀ ଯୋଜନାର ସୁବିଧା ମିଳୁନି। ଶହ ଶହ ମହିଳା ଓ ପୁରୁଷ ପ୍ଲାକାର୍ଡ ଧରି ସ୍ଲୋଗାନ ଦେଇଥିଲେ। ଦାବି ପୂରଣ ନ ହେଲେ ଆନ୍ଦୋଳନ ତୀବ୍ର କରାଯିବ ବୋଲି ଚେତାବନୀ ଦିଆଯାଇଛି। ତହସିଲଦାରଙ୍କ ମାଧ୍ୟମରେ
ମୋହନା ତହସିଲ କାର୍ଯ୍ୟାଳୟ ସମ୍ମୁଖରେ ମଙ୍ଗଳବାର ଶୁଦ୍ଧ ଶବର ସମାଜ ପକ୍ଷରୁ ଘେରାଉ କାର୍ଯ୍ୟକ୍ରମ ଅନୁଷ୍ଠିତ ହୋଇଛି। ଶୁଦ୍ଧ ଶବର ଜାତିର ଲୋକମାନଙ୍କୁ ଜନଜାତି ପ୍ରମାଣପତ୍ର ମିଳୁନଥିବା ଅଭିଯୋଗ କରାଯାଇଛି। ବହୁ ବର୍ଷ ଧରି ଏହି ସମସ୍ୟା ରହିଛି। ପିଲାମାନଙ୍କ ପାଠପଢ଼ା ଓ ଚାକିରି କ୍ଷେତ୍ରରେ ଅସୁବିଧା ହେଉଛି। ସରକାରୀ ଯୋଜନାର ସୁବିଧା ମିଳୁନି। ଶହ ଶହ ମହିଳା ଓ ପୁରୁଷ ପ୍ଲାକାର୍ଡ ଧରି ସ୍ଲୋଗାନ ଦେଇଥିଲେ। ଦାବି ପୂରଣ ନ ହେଲେ ଆନ୍ଦୋଳନ ତୀବ୍ର କରାଯିବ ବୋଲି ଚେତାବନୀ ଦିଆଯାଇଛି। ତହସିଲଦାରଙ୍କ ମାଧ୍ୟମରେ ମୁଖ୍ୟମନ୍ତ୍ରୀଙ୍କ ଉଦ୍ଦେଶ୍ୟରେ ସ୍ମାରକପତ୍ର ପ୍ରଦାନ କରାଯାଇଛି। ଆନ୍ଦୋଳନକାରୀଙ୍କ ସହ ଆଲୋଚନା କରି ତହସିଲଦାର ଆବଶ୍ୟକୀୟ କାର୍ଯ୍ୟାନୁଷ୍ଠାନ ନେବାକୁ ପ୍ରତିଶ୍ରୁତି ଦେଇଛନ୍ତି। ସମାଜର ସଭାପତି, ସମ୍ପାଦକ ଓ ଅନ୍ୟମାନେ ନେତୃତ୍ୱ ନେଇଥିଲେ। ଜଗୁଆଳି ଭାବେ ପୋଲିସ ମୁତୟନ କରାଯାଇଥିଲା। ଶୁଦ୍ଧ ଶବରମାନେ ଶବର ଜନଜାତିର ଅଂଶ ବୋଲି ସେମାନେ ଦାବି କରିଛନ୍ତି। ପୂର୍ବରୁ ବହୁବାର ଆବେଦନ କରାଯାଇଥିଲେ ମଧ୍ୟ ସମାଧାନ ହୋଇନି। ରାଜସ୍ୱ ବିଭାଗ ଏ ଦିଗରେ ଶୀଘ୍ର ପଦକ୍ଷେପ ନେବା ଉଚିତ ବୋଲି ଦାବି ହୋଇଛି। ଅନ୍ୟଥା ଜିଲ୍ଲାପାଳ କାର୍ଯ୍ୟାଳୟ ଘେରାଉ କରାଯିବ।
5
